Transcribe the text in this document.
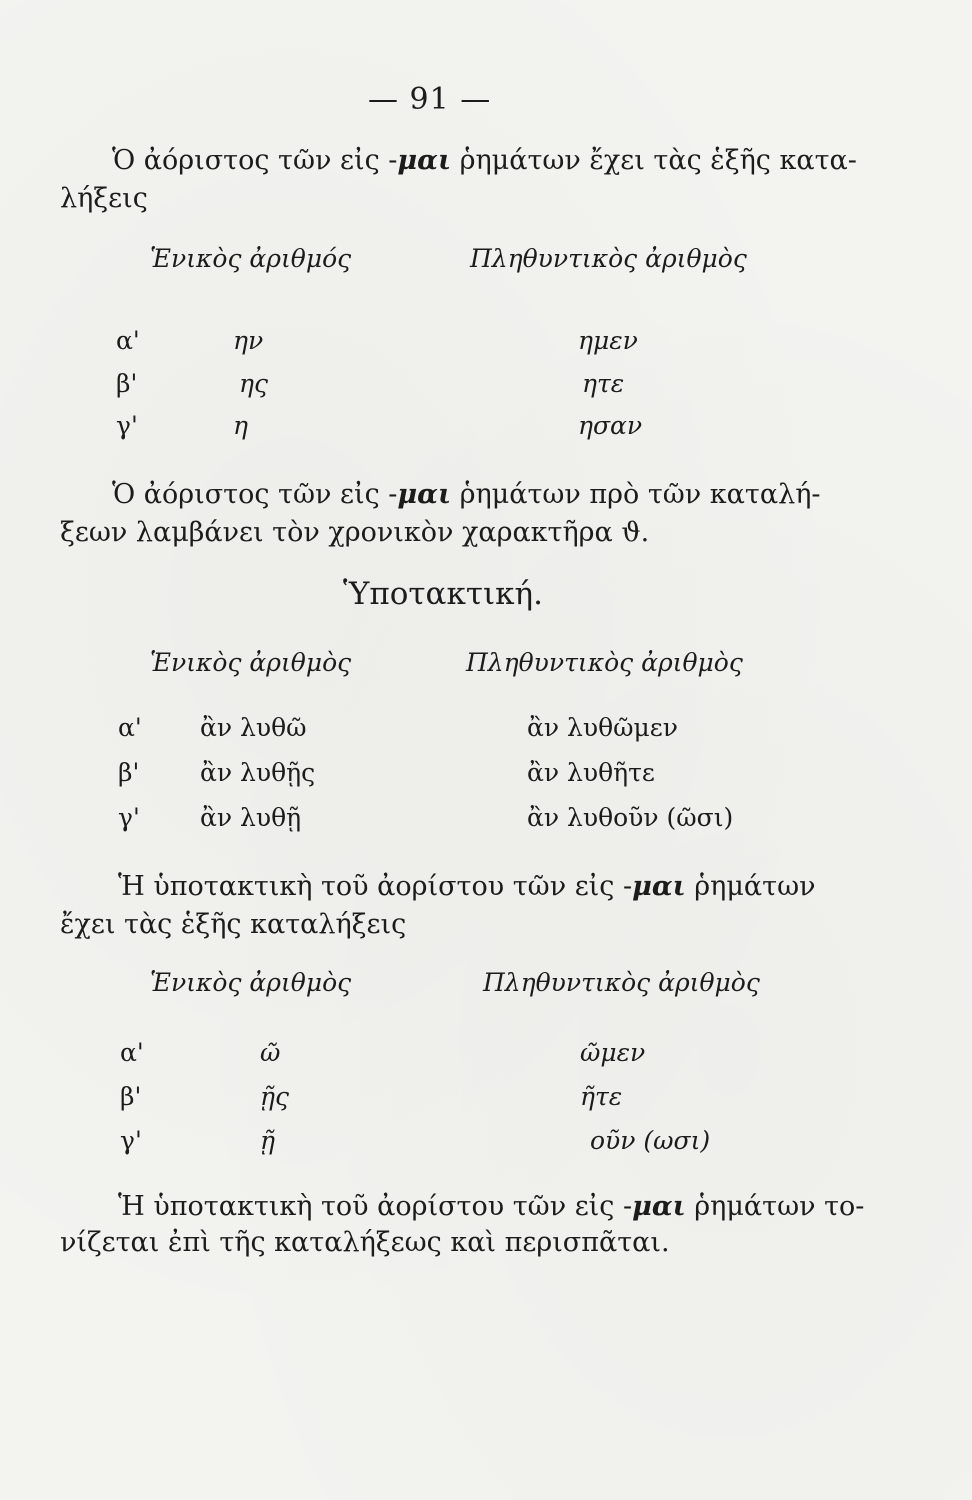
— 91 —
Ὁ ἀόριστος τῶν εἰς -μαι ῥημάτων ἔχει τὰς ἑξῆς κατα-
λήξεις
Ἑνικὸς ἀριθμός	Πληθυντικὸς ἀριθμὸς
α'	ην	ημεν
β'	ης	ητε
γ'	η	ησαν
Ὁ ἀόριστος τῶν εἰς -μαι ῥημάτων πρὸ τῶν καταλή-
ξεων λαμβάνει τὸν χρονικὸν χαρακτῆρα ϑ.
Ὑποτακτική.
Ἑνικὸς ἀριθμὸς	Πληθυντικὸς ἀριθμὸς
α' ἂν λυθῶ	ἂν λυθῶμεν
β' ἂν λυθῇς	ἂν λυθῆτε
γ' ἂν λυθῇ	ἂν λυθοῦν (ῶσι)
Ἡ ὑποτακτικὴ τοῦ ἀορίστου τῶν εἰς -μαι ῥημάτων
ἔχει τὰς ἑξῆς καταλήξεις
Ἑνικὸς ἀριθμὸς	Πληθυντικὸς ἀριθμὸς
α'	ῶ	ῶμεν
β'	ῇς	ῆτε
γ'	ῇ	οῦν (ωσι)
Ἡ ὑποτακτικὴ τοῦ ἀορίστου τῶν εἰς -μαι ῥημάτων το-
νίζεται ἐπὶ τῆς καταλήξεως καὶ περισπᾶται.
